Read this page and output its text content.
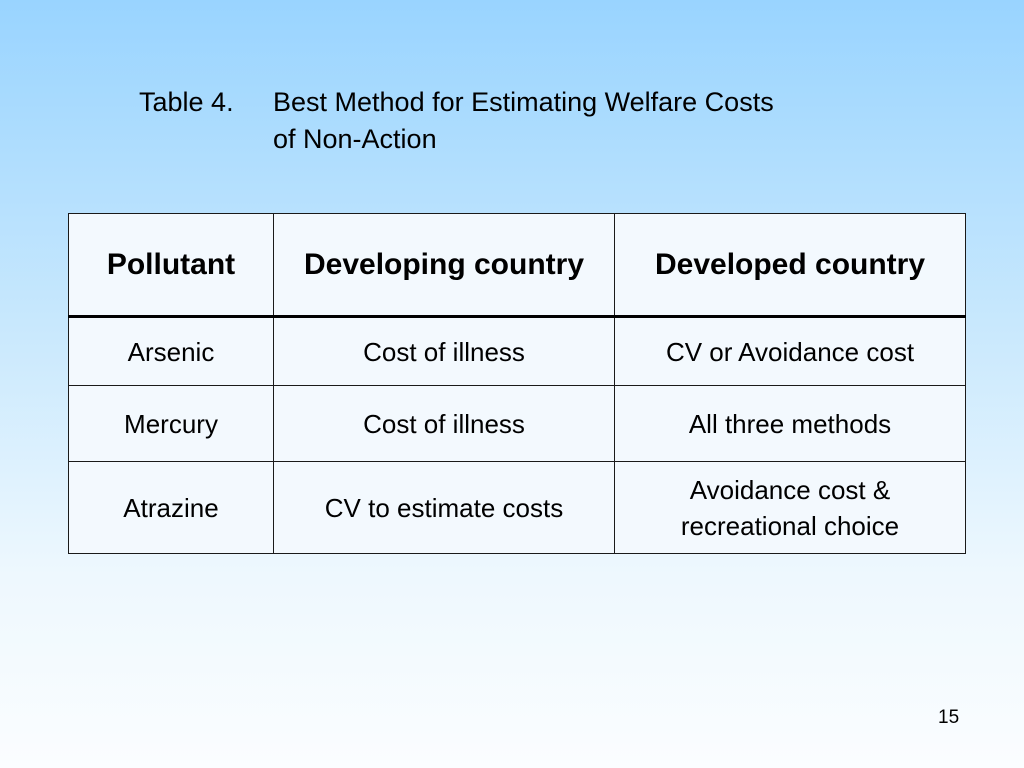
Table 4.	Best Method for Estimating Welfare Costs
of Non-Action
Pollutant	Developing country	Developed country
Arsenic	Cost of illness	CV or Avoidance cost
Mercury	Cost of illness	All three methods
Atrazine	CV to estimate costs	Avoidance cost & recreational choice
15
